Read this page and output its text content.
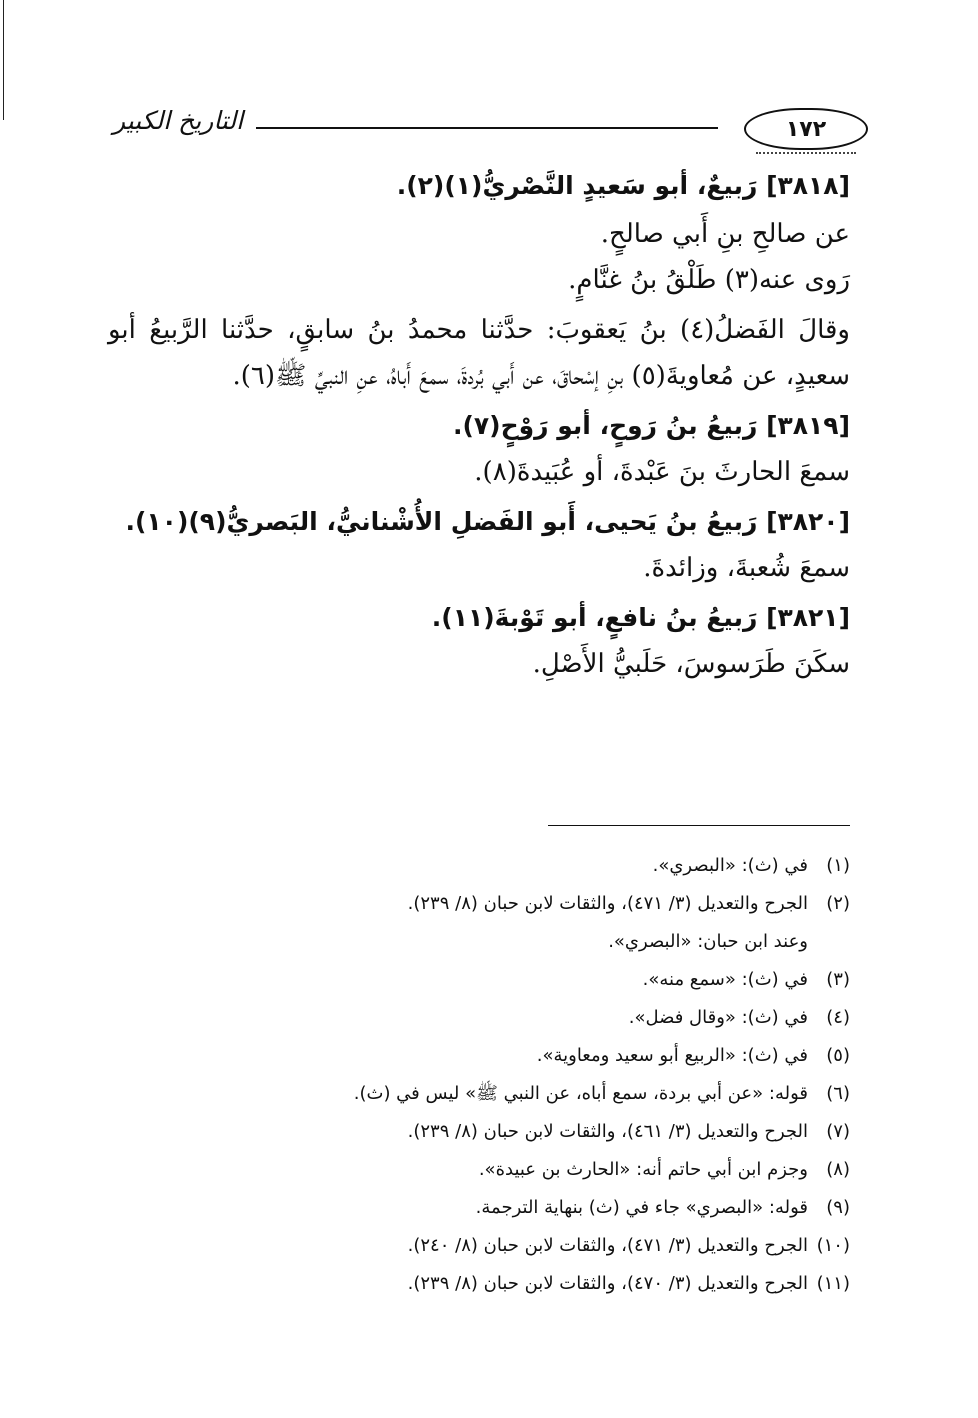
التاريخ الكبير	١٧٢

[٣٨١٨] رَبيعٌ، أبو سَعيدٍ النَّصْريُّ(١)(٢).

عن صالحِ بنِ أَبي صالحٍ.

رَوى عنه(٣) طَلْقُ بنُ غنَّامٍ.

وقالَ الفَضلُ(٤) بنُ يَعقوبَ: حدَّثنا محمدُ بنُ سابقٍ، حدَّثنا الرَّبيعُ أبو

سعيدٍ، عن مُعاويةَ(٥) بنِ إسْحاقَ، عن أَبي بُردةَ، سمعَ أَباهُ، عنِ النبيِّ ﷺ(٦).

[٣٨١٩] رَبيعُ بنُ رَوحٍ، أبو رَوْحٍ(٧).

سمعَ الحارثَ بنَ عَبْدةَ، أو عُبَيدةَ(٨).

[٣٨٢٠] رَبيعُ بنُ يَحيى، أَبو الفَضلِ الأُشْنانيُّ، البَصريُّ(٩)(١٠).

سمعَ شُعبةَ، وزائدةَ.

[٣٨٢١] رَبيعُ بنُ نافعٍ، أبو تَوْبةَ(١١).

سكَنَ طَرَسوسَ، حَلَبيُّ الأَصْلِ.

(١)في (ث): «البصري».

(٢)الجرح والتعديل (٣/ ٤٧١)، والثقات لابن حبان (٨/ ٢٣٩).

وعند ابن حبان: «البصري».

(٣)في (ث): «سمع منه».

(٤)في (ث): «وقال فضل».

(٥)في (ث): «الربيع أبو سعيد ومعاوية».

(٦)قوله: «عن أبي بردة، سمع أباه، عن النبي ﷺ» ليس في (ث).

(٧)الجرح والتعديل (٣/ ٤٦١)، والثقات لابن حبان (٨/ ٢٣٩).

(٨)وجزم ابن أبي حاتم أنه: «الحارث بن عبيدة».

(٩)قوله: «البصري» جاء في (ث) بنهاية الترجمة.

(١٠)الجرح والتعديل (٣/ ٤٧١)، والثقات لابن حبان (٨/ ٢٤٠).

(١١)الجرح والتعديل (٣/ ٤٧٠)، والثقات لابن حبان (٨/ ٢٣٩).
